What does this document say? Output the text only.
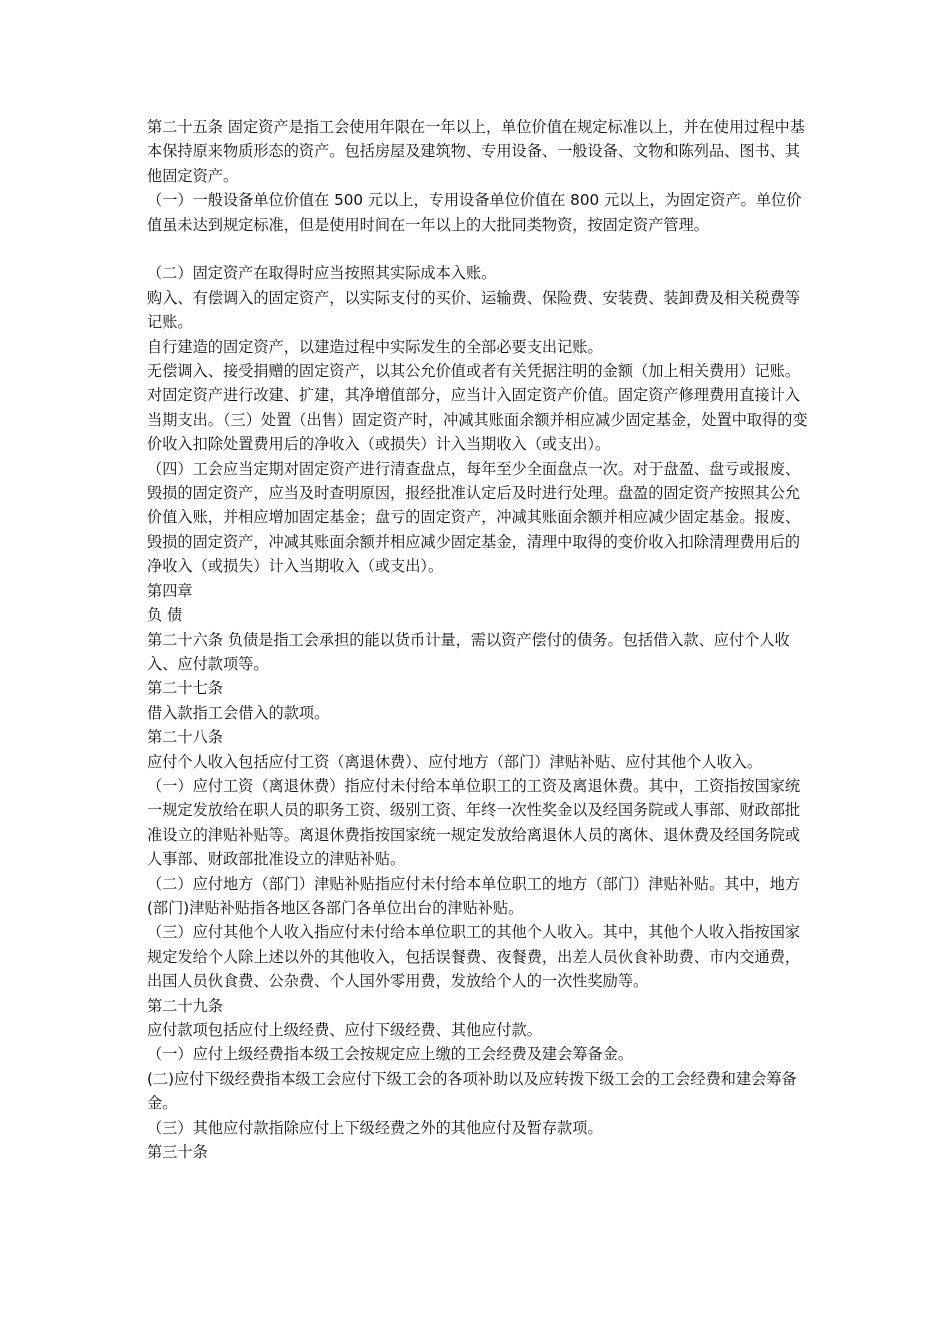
第二十五条 固定资产是指工会使用年限在一年以上，单位价值在规定标准以上，并在使用过程中基本保持原来物质形态的资产。包括房屋及建筑物、专用设备、一般设备、文物和陈列品、图书、其他固定资产。

（一）一般设备单位价值在 500 元以上，专用设备单位价值在 800 元以上，为固定资产。单位价值虽未达到规定标准，但是使用时间在一年以上的大批同类物资，按固定资产管理。

（二）固定资产在取得时应当按照其实际成本入账。

购入、有偿调入的固定资产，以实际支付的买价、运输费、保险费、安装费、装卸费及相关税费等记账。

自行建造的固定资产，以建造过程中实际发生的全部必要支出记账。

无偿调入、接受捐赠的固定资产，以其公允价值或者有关凭据注明的金额（加上相关费用）记账。

对固定资产进行改建、扩建，其净增值部分，应当计入固定资产价值。固定资产修理费用直接计入当期支出。（三）处置（出售）固定资产时，冲减其账面余额并相应减少固定基金，处置中取得的变价收入扣除处置费用后的净收入（或损失）计入当期收入（或支出）。

（四）工会应当定期对固定资产进行清查盘点，每年至少全面盘点一次。对于盘盈、盘亏或报废、毁损的固定资产，应当及时查明原因，报经批准认定后及时进行处理。盘盈的固定资产按照其公允价值入账，并相应增加固定基金；盘亏的固定资产，冲减其账面余额并相应减少固定基金。报废、毁损的固定资产，冲减其账面余额并相应减少固定基金，清理中取得的变价收入扣除清理费用后的净收入（或损失）计入当期收入（或支出）。

第四章

负 债

第二十六条 负债是指工会承担的能以货币计量，需以资产偿付的债务。包括借入款、应付个人收入、应付款项等。

第二十七条

借入款指工会借入的款项。

第二十八条

应付个人收入包括应付工资（离退休费）、应付地方（部门）津贴补贴、应付其他个人收入。

（一）应付工资（离退休费）指应付未付给本单位职工的工资及离退休费。其中，工资指按国家统一规定发放给在职人员的职务工资、级别工资、年终一次性奖金以及经国务院或人事部、财政部批准设立的津贴补贴等。离退休费指按国家统一规定发放给离退休人员的离休、退休费及经国务院或人事部、财政部批准设立的津贴补贴。

（二）应付地方（部门）津贴补贴指应付未付给本单位职工的地方（部门）津贴补贴。其中，地方(部门)津贴补贴指各地区各部门各单位出台的津贴补贴。

（三）应付其他个人收入指应付未付给本单位职工的其他个人收入。其中，其他个人收入指按国家规定发给个人除上述以外的其他收入，包括误餐费、夜餐费，出差人员伙食补助费、市内交通费，出国人员伙食费、公杂费、个人国外零用费，发放给个人的一次性奖励等。

第二十九条

应付款项包括应付上级经费、应付下级经费、其他应付款。

（一）应付上级经费指本级工会按规定应上缴的工会经费及建会筹备金。

(二)应付下级经费指本级工会应付下级工会的各项补助以及应转拨下级工会的工会经费和建会筹备金。

（三）其他应付款指除应付上下级经费之外的其他应付及暂存款项。

第三十条
